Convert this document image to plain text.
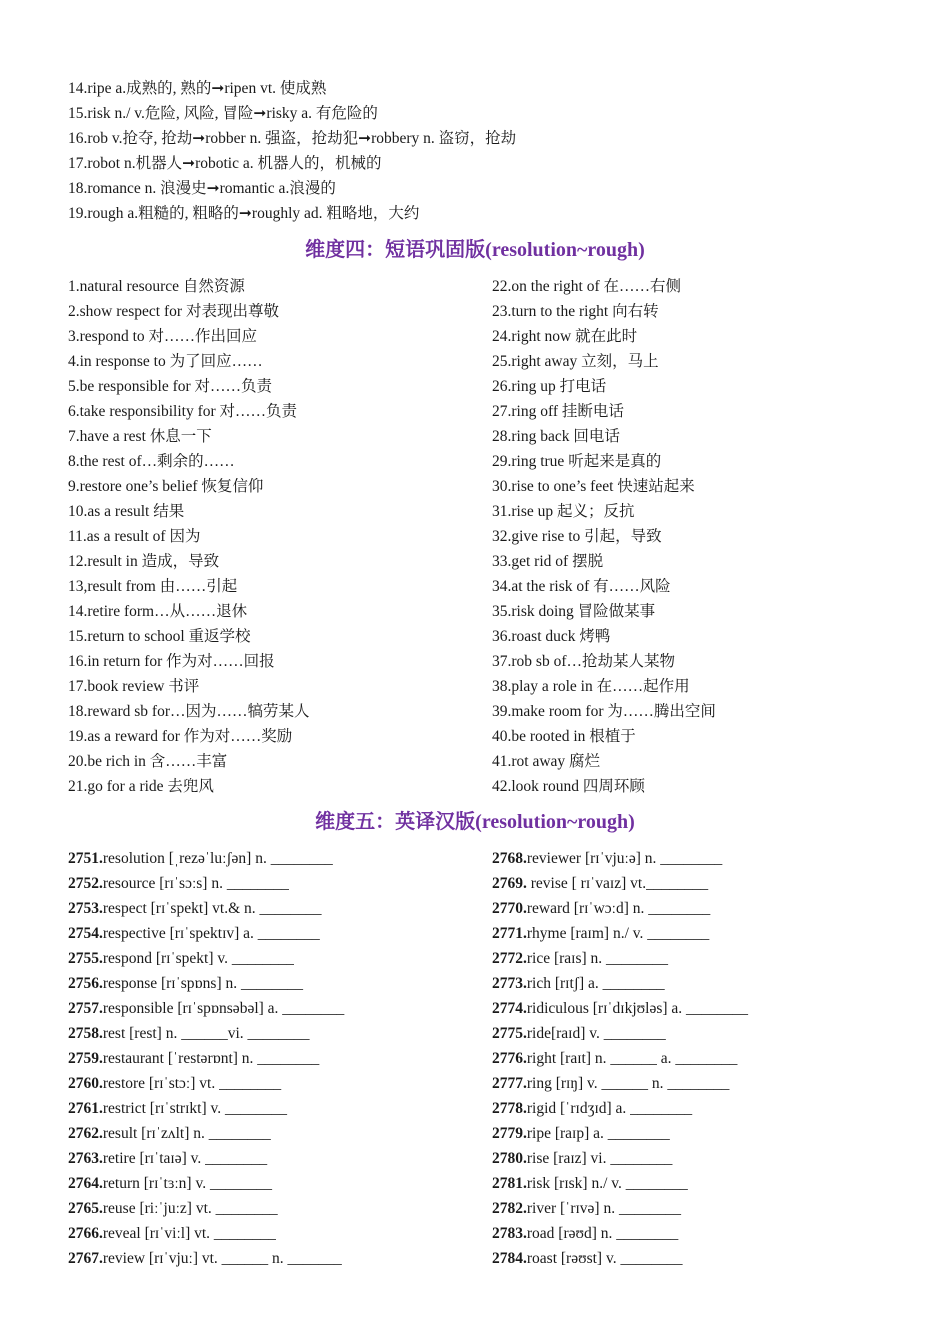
14.ripe a.成熟的, 熟的➞ripen vt. 使成熟
15.risk n./ v.危险, 风险, 冒险➞risky a. 有危险的
16.rob v.抢夺, 抢劫➞robber n. 强盗，抢劫犯➞robbery n. 盗窃，抢劫
17.robot n.机器人➞robotic a. 机器人的，机械的
18.romance n. 浪漫史➞romantic a.浪漫的
19.rough a.粗糙的, 粗略的➞roughly ad. 粗略地，大约
维度四：短语巩固版(resolution~rough)
1.natural resource 自然资源
2.show respect for 对表现出尊敬
3.respond to 对……作出回应
4.in response to 为了回应……
5.be responsible for 对……负责
6.take responsibility for 对……负责
7.have a rest 休息一下
8.the rest of…剩余的……
9.restore one’s belief 恢复信仰
10.as a result 结果
11.as a result of 因为
12.result in 造成，导致
13,result from 由……引起
14.retire form…从……退休
15.return to school 重返学校
16.in return for 作为对……回报
17.book review 书评
18.reward sb for…因为……犒劳某人
19.as a reward for 作为对……奖励
20.be rich in 含……丰富
21.go for a ride 去兜风
22.on the right of 在……右侧
23.turn to the right 向右转
24.right now 就在此时
25.right away 立刻，马上
26.ring up 打电话
27.ring off 挂断电话
28.ring back 回电话
29.ring true 听起来是真的
30.rise to one’s feet 快速站起来
31.rise up 起义；反抗
32.give rise to 引起，导致
33.get rid of 摆脱
34.at the risk of 有……风险
35.risk doing 冒险做某事
36.roast duck 烤鸭
37.rob sb of…抢劫某人某物
38.play a role in 在……起作用
39.make room for 为……腾出空间
40.be rooted in 根植于
41.rot away 腐烂
42.look round 四周环顾
维度五：英译汉版(resolution~rough)
2751.resolution [ˌrezəˈluːʃən] n. ________
2752.resource [rɪˈsɔːs] n. ________
2753.respect [rɪˈspekt] vt.& n. ________
2754.respective [rɪˈspektɪv] a. ________
2755.respond [rɪˈspekt] v. ________
2756.response [rɪˈspɒns] n. ________
2757.responsible [rɪˈspɒnsəbəl] a. ________
2758.rest [rest] n. ______vi. ________
2759.restaurant [ˈrestərɒnt] n. ________
2760.restore [rɪˈstɔː] vt. ________
2761.restrict [rɪˈstrɪkt] v. ________
2762.result [rɪˈzʌlt] n. ________
2763.retire [rɪˈtaɪə] v. ________
2764.return [rɪˈtɜːn] v. ________
2765.reuse [riːˈjuːz] vt. ________
2766.reveal [rɪˈviːl] vt. ________
2767.review [rɪˈvjuː] vt. ______ n. _______
2768.reviewer [rɪˈvjuːə] n. ________
2769. revise [ rɪˈvaɪz] vt.________
2770.reward [rɪˈwɔːd] n. ________
2771.rhyme [raɪm] n./ v. ________
2772.rice [raɪs] n. ________
2773.rich [rɪtʃ] a. ________
2774.ridiculous [rɪˈdɪkjʊləs] a. ________
2775.ride[raɪd] v. ________
2776.right [raɪt] n. ______ a. ________
2777.ring [rɪŋ] v. ______ n. ________
2778.rigid [ˈrɪdʒɪd] a. ________
2779.ripe [raɪp] a. ________
2780.rise [raɪz] vi. ________
2781.risk [rɪsk] n./ v. ________
2782.river [ˈrɪvə] n. ________
2783.road [rəʊd] n. ________
2784.roast [rəʊst] v. ________
